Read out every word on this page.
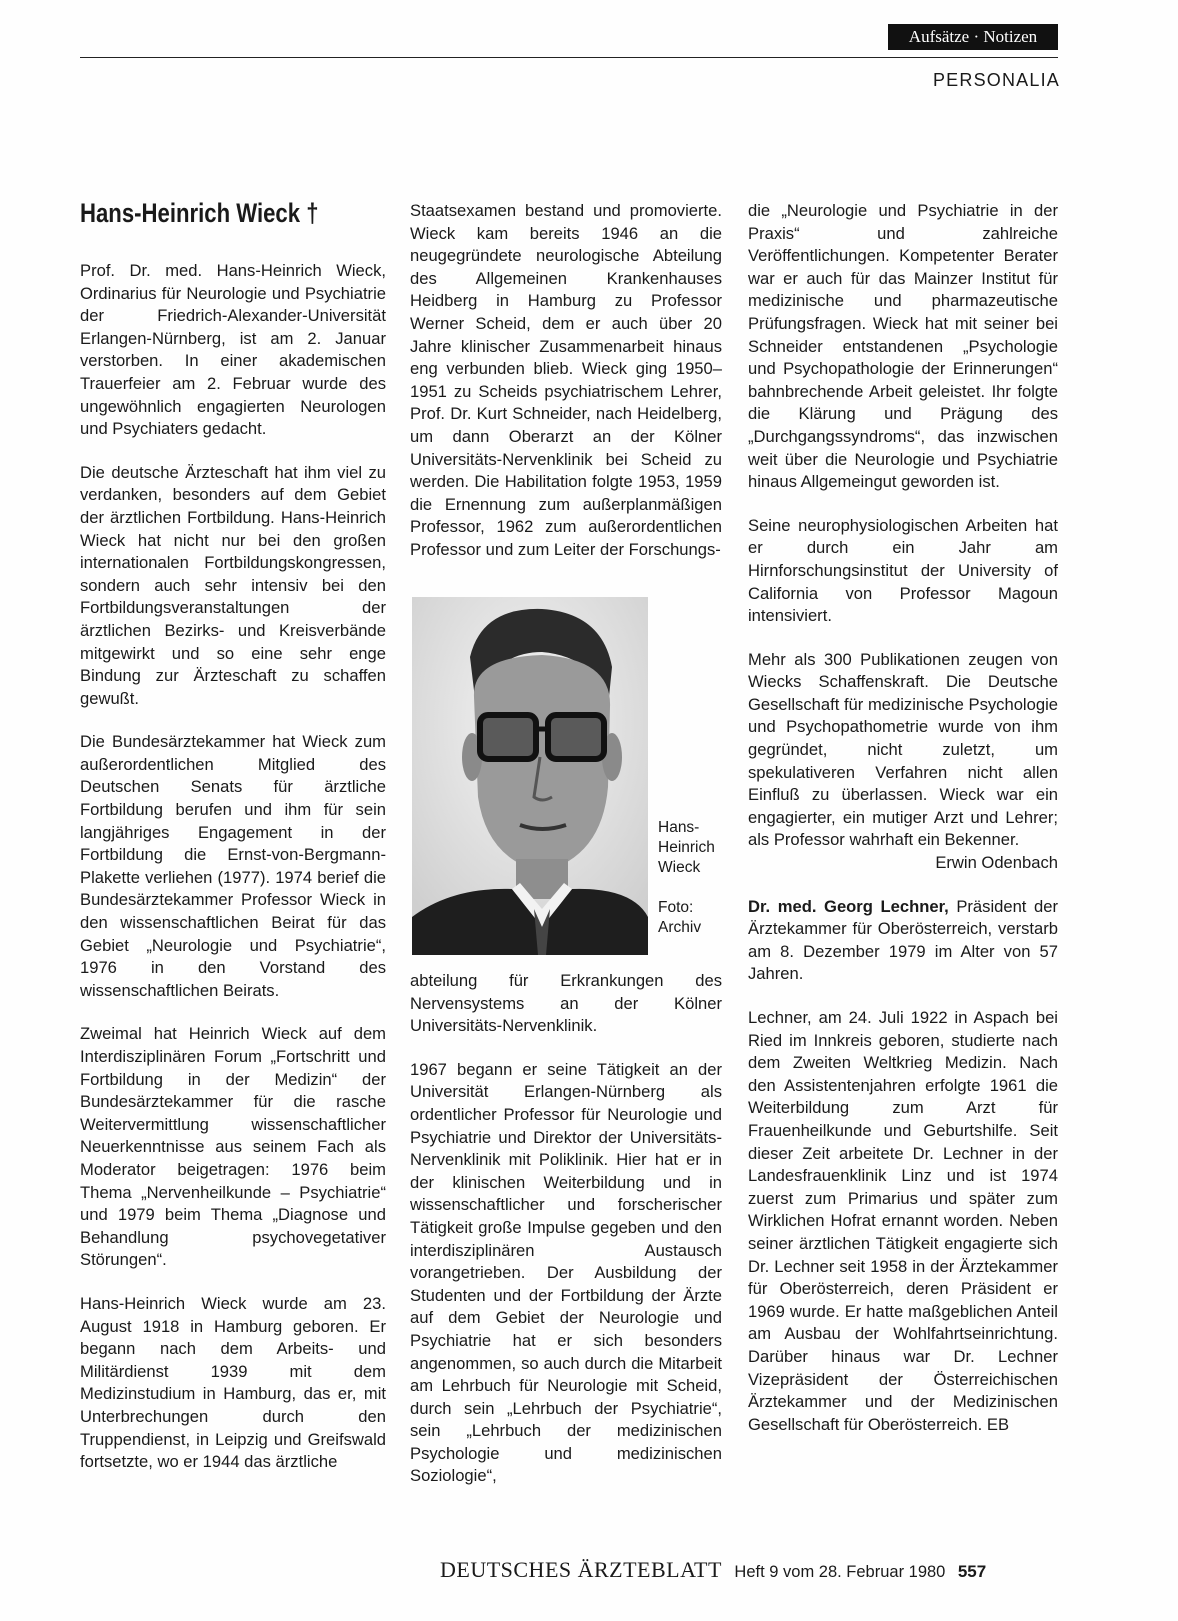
Aufsätze · Notizen
PERSONALIA
Hans-Heinrich Wieck †

Prof. Dr. med. Hans-Heinrich Wieck, Ordinarius für Neurologie und Psychiatrie der Friedrich-Alexander-Universität Erlangen-Nürnberg, ist am 2. Januar verstorben. In einer akademischen Trauerfeier am 2. Februar wurde des ungewöhnlich engagierten Neurologen und Psychiaters gedacht.

Die deutsche Ärzteschaft hat ihm viel zu verdanken, besonders auf dem Gebiet der ärztlichen Fortbildung. Hans-Heinrich Wieck hat nicht nur bei den großen internationalen Fortbildungskongressen, sondern auch sehr intensiv bei den Fortbildungsveranstaltungen der ärztlichen Bezirks- und Kreisverbände mitgewirkt und so eine sehr enge Bindung zur Ärzteschaft zu schaffen gewußt.

Die Bundesärztekammer hat Wieck zum außerordentlichen Mitglied des Deutschen Senats für ärztliche Fortbildung berufen und ihm für sein langjähriges Engagement in der Fortbildung die Ernst-von-Bergmann-Plakette verliehen (1977). 1974 berief die Bundesärztekammer Professor Wieck in den wissenschaftlichen Beirat für das Gebiet „Neurologie und Psychiatrie“, 1976 in den Vorstand des wissenschaftlichen Beirats.

Zweimal hat Heinrich Wieck auf dem Interdisziplinären Forum „Fortschritt und Fortbildung in der Medizin“ der Bundesärztekammer für die rasche Weitervermittlung wissenschaftlicher Neuerkenntnisse aus seinem Fach als Moderator beigetragen: 1976 beim Thema „Nervenheilkunde – Psychiatrie“ und 1979 beim Thema „Diagnose und Behandlung psychovegetativer Störungen“.

Hans-Heinrich Wieck wurde am 23. August 1918 in Hamburg geboren. Er begann nach dem Arbeits- und Militärdienst 1939 mit dem Medizinstudium in Hamburg, das er, mit Unterbrechungen durch den Truppendienst, in Leipzig und Greifswald fortsetzte, wo er 1944 das ärztliche

Staatsexamen bestand und promovierte. Wieck kam bereits 1946 an die neugegründete neurologische Abteilung des Allgemeinen Krankenhauses Heidberg in Hamburg zu Professor Werner Scheid, dem er auch über 20 Jahre klinischer Zusammenarbeit hinaus eng verbunden blieb. Wieck ging 1950–1951 zu Scheids psychiatrischem Lehrer, Prof. Dr. Kurt Schneider, nach Heidelberg, um dann Oberarzt an der Kölner Universitäts-Nervenklinik bei Scheid zu werden. Die Habilitation folgte 1953, 1959 die Ernennung zum außerplanmäßigen Professor, 1962 zum außerordentlichen Professor und zum Leiter der Forschungs-

Hans-
Heinrich
Wieck
Foto:
Archiv

abteilung für Erkrankungen des Nervensystems an der Kölner Universitäts-Nervenklinik.

1967 begann er seine Tätigkeit an der Universität Erlangen-Nürnberg als ordentlicher Professor für Neurologie und Psychiatrie und Direktor der Universitäts-Nervenklinik mit Poliklinik. Hier hat er in der klinischen Weiterbildung und in wissenschaftlicher und forscherischer Tätigkeit große Impulse gegeben und den interdisziplinären Austausch vorangetrieben. Der Ausbildung der Studenten und der Fortbildung der Ärzte auf dem Gebiet der Neurologie und Psychiatrie hat er sich besonders angenommen, so auch durch die Mitarbeit am Lehrbuch für Neurologie mit Scheid, durch sein „Lehrbuch der Psychiatrie“, sein „Lehrbuch der medizinischen Psychologie und medizinischen Soziologie“,

die „Neurologie und Psychiatrie in der Praxis“ und zahlreiche Veröffentlichungen. Kompetenter Berater war er auch für das Mainzer Institut für medizinische und pharmazeutische Prüfungsfragen. Wieck hat mit seiner bei Schneider entstandenen „Psychologie und Psychopathologie der Erinnerungen“ bahnbrechende Arbeit geleistet. Ihr folgte die Klärung und Prägung des „Durchgangssyndroms“, das inzwischen weit über die Neurologie und Psychiatrie hinaus Allgemeingut geworden ist.

Seine neurophysiologischen Arbeiten hat er durch ein Jahr am Hirnforschungsinstitut der University of California von Professor Magoun intensiviert.

Mehr als 300 Publikationen zeugen von Wiecks Schaffenskraft. Die Deutsche Gesellschaft für medizinische Psychologie und Psychopathometrie wurde von ihm gegründet, nicht zuletzt, um spekulativeren Verfahren nicht allen Einfluß zu überlassen. Wieck war ein engagierter, ein mutiger Arzt und Lehrer; als Professor wahrhaft ein Bekenner.
Erwin Odenbach

Dr. med. Georg Lechner, Präsident der Ärztekammer für Oberösterreich, verstarb am 8. Dezember 1979 im Alter von 57 Jahren.

Lechner, am 24. Juli 1922 in Aspach bei Ried im Innkreis geboren, studierte nach dem Zweiten Weltkrieg Medizin. Nach den Assistentenjahren erfolgte 1961 die Weiterbildung zum Arzt für Frauenheilkunde und Geburtshilfe. Seit dieser Zeit arbeitete Dr. Lechner in der Landesfrauenklinik Linz und ist 1974 zuerst zum Primarius und später zum Wirklichen Hofrat ernannt worden. Neben seiner ärztlichen Tätigkeit engagierte sich Dr. Lechner seit 1958 in der Ärztekammer für Oberösterreich, deren Präsident er 1969 wurde. Er hatte maßgeblichen Anteil am Ausbau der Wohlfahrtseinrichtung. Darüber hinaus war Dr. Lechner Vizepräsident der Österreichischen Ärztekammer und der Medizinischen Gesellschaft für Oberösterreich. EB

DEUTSCHES ÄRZTEBLATT Heft 9 vom 28. Februar 1980 557
